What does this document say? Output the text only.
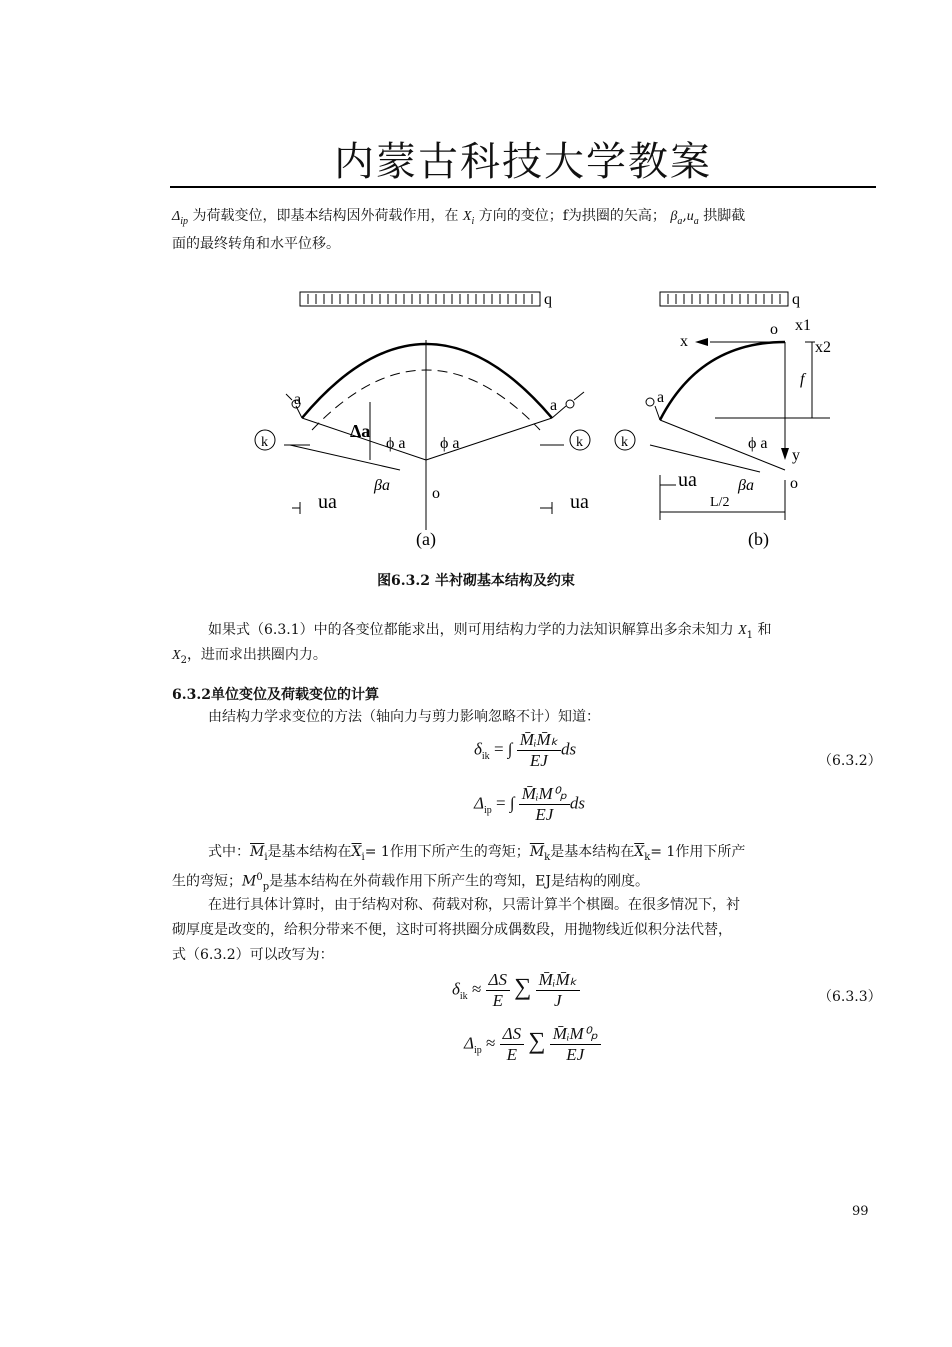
内蒙古科技大学教案
$\Delta_{ip}$ 为荷载变位，即基本结构因外荷载作用，在 $X_i$ 方向的变位；f为拱圈的矢高； $\beta_a,u_a$ 拱脚截
面的最终转角和水平位移。
q	q
a	a
k	k
Δa
ϕ a ϕ a
βa	o
ua	ua
x
o x1
x2
f
y
a
k	ϕ a
βa
ua	o
L/2
(a)	(b)
图6.3.2 半衬砌基本结构及约束
如果式（6.3.1）中的各变位都能求出，则可用结构力学的力法知识解算出多余未知力 $X_1$ 和
$X_2$，进而求出拱圈内力。
6.3.2单位变位及荷载变位的计算
由结构力学求变位的方法（轴向力与剪力影响忽略不计）知道：
$\delta_{ik}$ = ∫ $\frac{\text{M̄ᵢM̄ₖ}}{EJ}$ ds
（6.3.2）
$\Delta_{ip}$ = ∫ $\frac{\text{M̄ᵢM⁰ₚ}}{EJ}$ ds
式中：$\overline{M}_i$是基本结构在$\overline{X}_i= 1$作用下所产生的弯矩；$\overline{M}_k$是基本结构在$\overline{X}_k= 1$作用下所产
生的弯短；$M^0_p$是基本结构在外荷载作用下所产生的弯知，EJ是结构的刚度。
在进行具体计算时，由于结构对称、荷载对称，只需计算半个棋圈。在很多情况下，衬
砌厚度是改变的，给积分带来不便，这时可将拱圈分成偶数段，用抛物线近似积分法代替，
式（6.3.2）可以改写为：
$\delta_{ik} \approx \frac{\Delta S}{E}$ ∑ $\frac{\text{M̄ᵢM̄ₖ}}{J}$	（6.3.3）
$\Delta_{ip} \approx \frac{\Delta S}{E}$ ∑ $\frac{\text{M̄ᵢM⁰ₚ}}{EJ}$
99
